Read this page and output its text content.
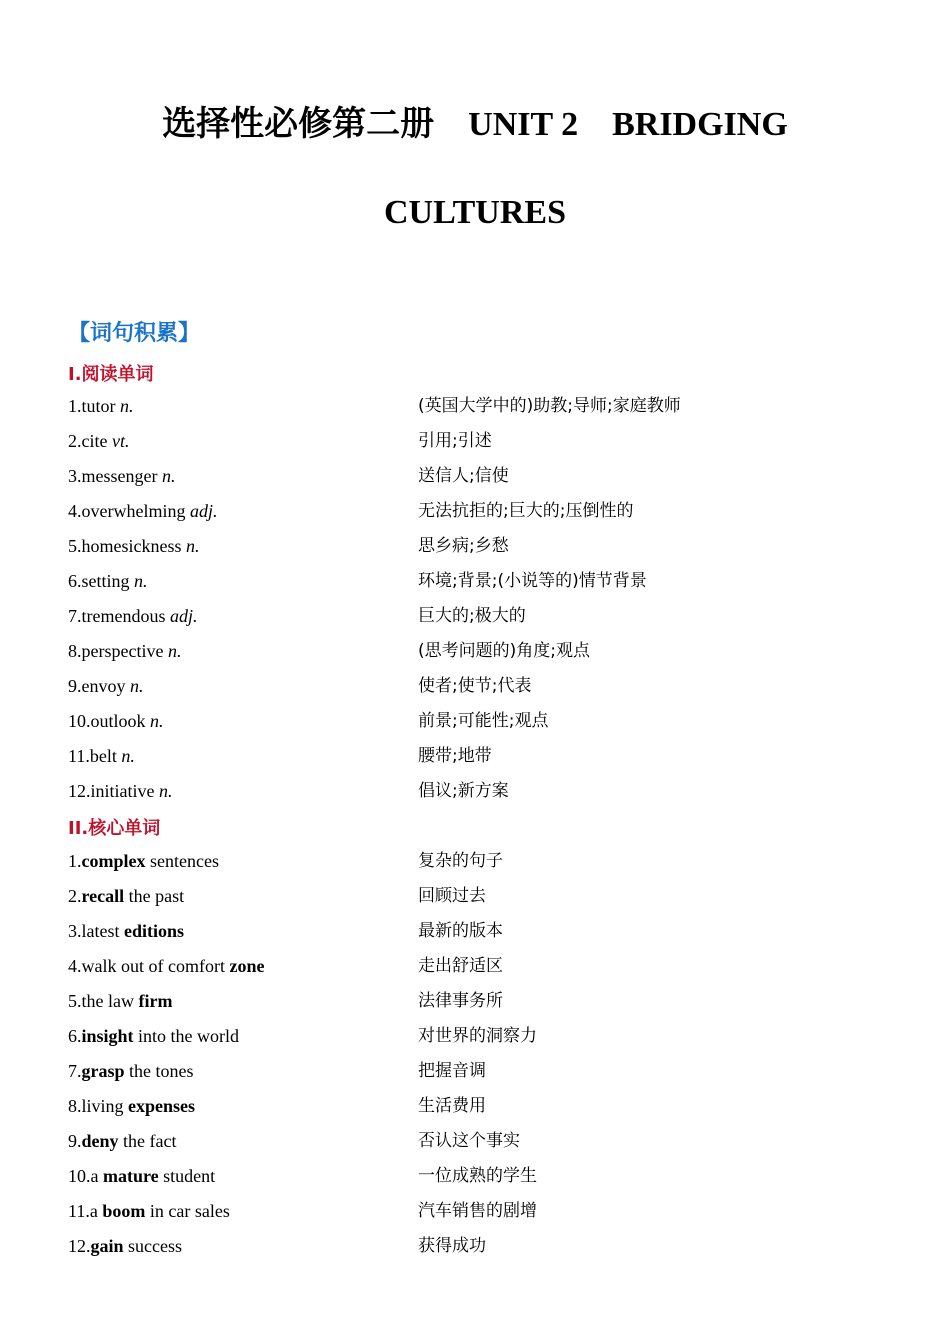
选择性必修第二册    UNIT 2    BRIDGING
CULTURES
【词句积累】
I.阅读单词
1.tutor n.	(英国大学中的)助教;导师;家庭教师
2.cite vt.	引用;引述
3.messenger n.	送信人;信使
4.overwhelming adj.	无法抗拒的;巨大的;压倒性的
5.homesickness n.	思乡病;乡愁
6.setting n.	环境;背景;(小说等的)情节背景
7.tremendous adj.	巨大的;极大的
8.perspective n.	(思考问题的)角度;观点
9.envoy n.	使者;使节;代表
10.outlook n.	前景;可能性;观点
11.belt n.	腰带;地带
12.initiative n.	倡议;新方案
II.核心单词
1.complex sentences	复杂的句子
2.recall the past	回顾过去
3.latest editions	最新的版本
4.walk out of comfort zone	走出舒适区
5.the law firm	法律事务所
6.insight into the world	对世界的洞察力
7.grasp the tones	把握音调
8.living expenses	生活费用
9.deny the fact	否认这个事实
10.a mature student	一位成熟的学生
11.a boom in car sales	汽车销售的剧增
12.gain success	获得成功
